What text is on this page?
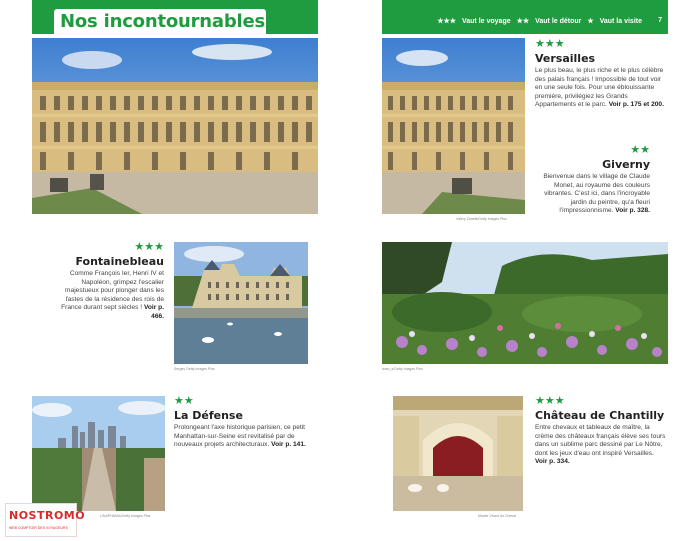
Nos incontournables
★★★
Fontainebleau
Comme François Ier, Henri IV et Napoléon, grimpez l'escalier majestueux pour plonger dans les fastes de la résidence des rois de France durant sept siècles ! Voir p. 466.
Sergey Getty Images Plus
LINAPHANIA/Getty Images Plus
★★
La Défense
Prolongeant l'axe historique parisien, ce petit Manhattan-sur-Seine est revitalisé par de nouveaux projets architecturaux. Voir p. 141.
NOSTROMO
WEB COMPTOIR DES VOYAGEURS
★★★ Vaut le voyage ★★ Vaut le détour ★ Vaut la visite 7
Valéry Zanetti/Getty Images Plus
★★★
Versailles
Le plus beau, le plus riche et le plus célèbre des palais français ! Impossible de tout voir en une seule fois. Pour une éblouissante première, privilégiez les Grands Appartements et le parc. Voir p. 175 et 200.
★★
Giverny
Bienvenue dans le village de Claude Monet, au royaume des couleurs vibrantes. C'est ici, dans l'incroyable jardin du peintre, qu'a fleuri l'impressionnisme. Voir p. 328.
ianto_s/Getty Images Plus
Musée Vivant du Cheval
★★★
Château de Chantilly
Entre chevaux et tableaux de maître, la crème des châteaux français élève ses tours dans un sublime parc dessiné par Le Nôtre, dont les jeux d'eau ont inspiré Versailles. Voir p. 334.
